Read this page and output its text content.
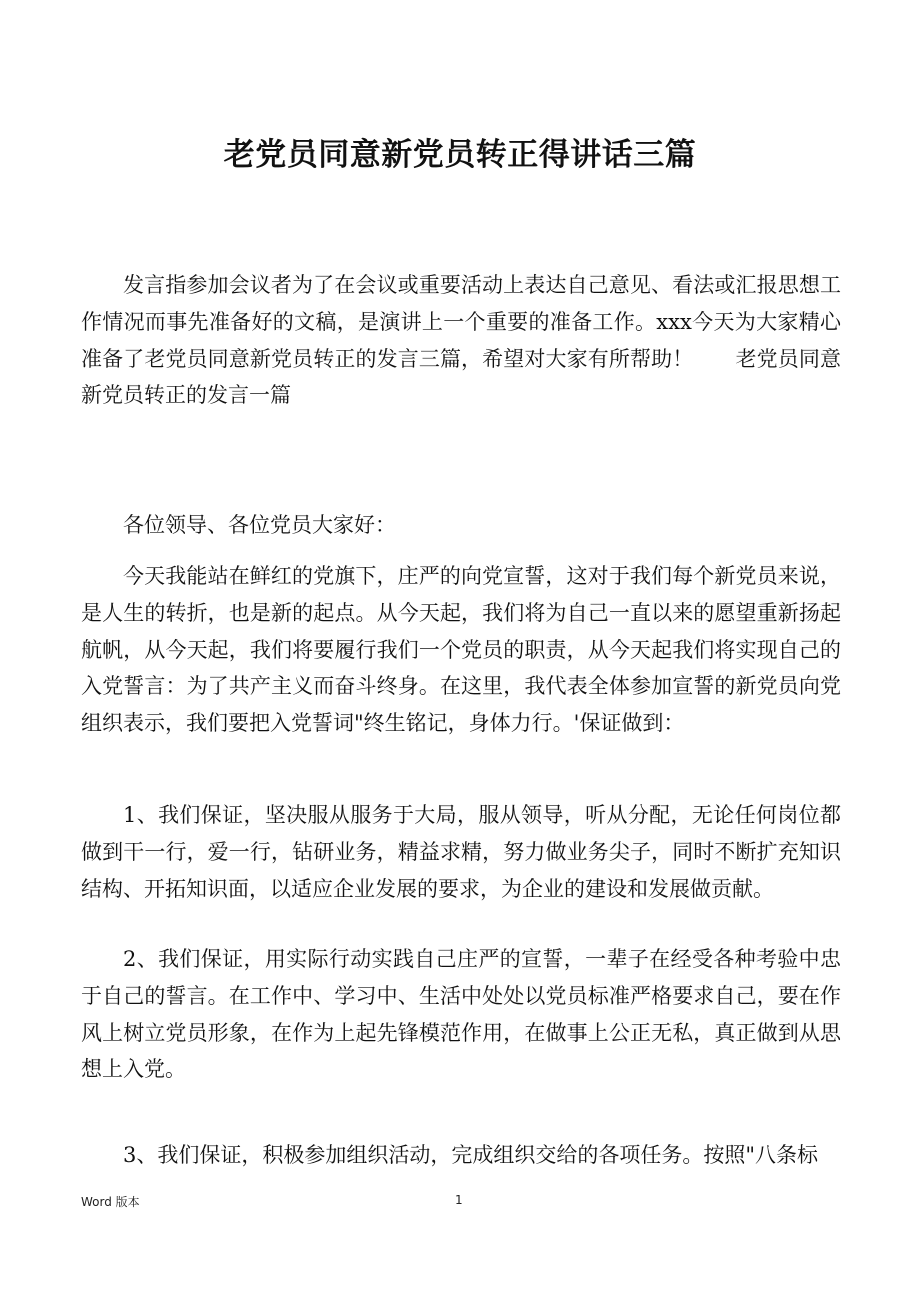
老党员同意新党员转正得讲话三篇

发言指参加会议者为了在会议或重要活动上表达自己意见、看法或汇报思想工作情况而事先准备好的文稿，是演讲上一个重要的准备工作。xxx今天为大家精心准备了老党员同意新党员转正的发言三篇，希望对大家有所帮助！　　老党员同意新党员转正的发言一篇

各位领导、各位党员大家好：

今天我能站在鲜红的党旗下，庄严的向党宣誓，这对于我们每个新党员来说，是人生的转折，也是新的起点。从今天起，我们将为自己一直以来的愿望重新扬起航帆，从今天起，我们将要履行我们一个党员的职责，从今天起我们将实现自己的入党誓言：为了共产主义而奋斗终身。在这里，我代表全体参加宣誓的新党员向党组织表示，我们要把入党誓词"终生铭记，身体力行。'保证做到：

1、我们保证，坚决服从服务于大局，服从领导，听从分配，无论任何岗位都做到干一行，爱一行，钻研业务，精益求精，努力做业务尖子，同时不断扩充知识结构、开拓知识面，以适应企业发展的要求，为企业的建设和发展做贡献。

2、我们保证，用实际行动实践自己庄严的宣誓，一辈子在经受各种考验中忠于自己的誓言。在工作中、学习中、生活中处处以党员标准严格要求自己，要在作风上树立党员形象，在作为上起先锋模范作用，在做事上公正无私，真正做到从思想上入党。

3、我们保证，积极参加组织活动，完成组织交给的各项任务。按照"八条标

Word 版本	1
